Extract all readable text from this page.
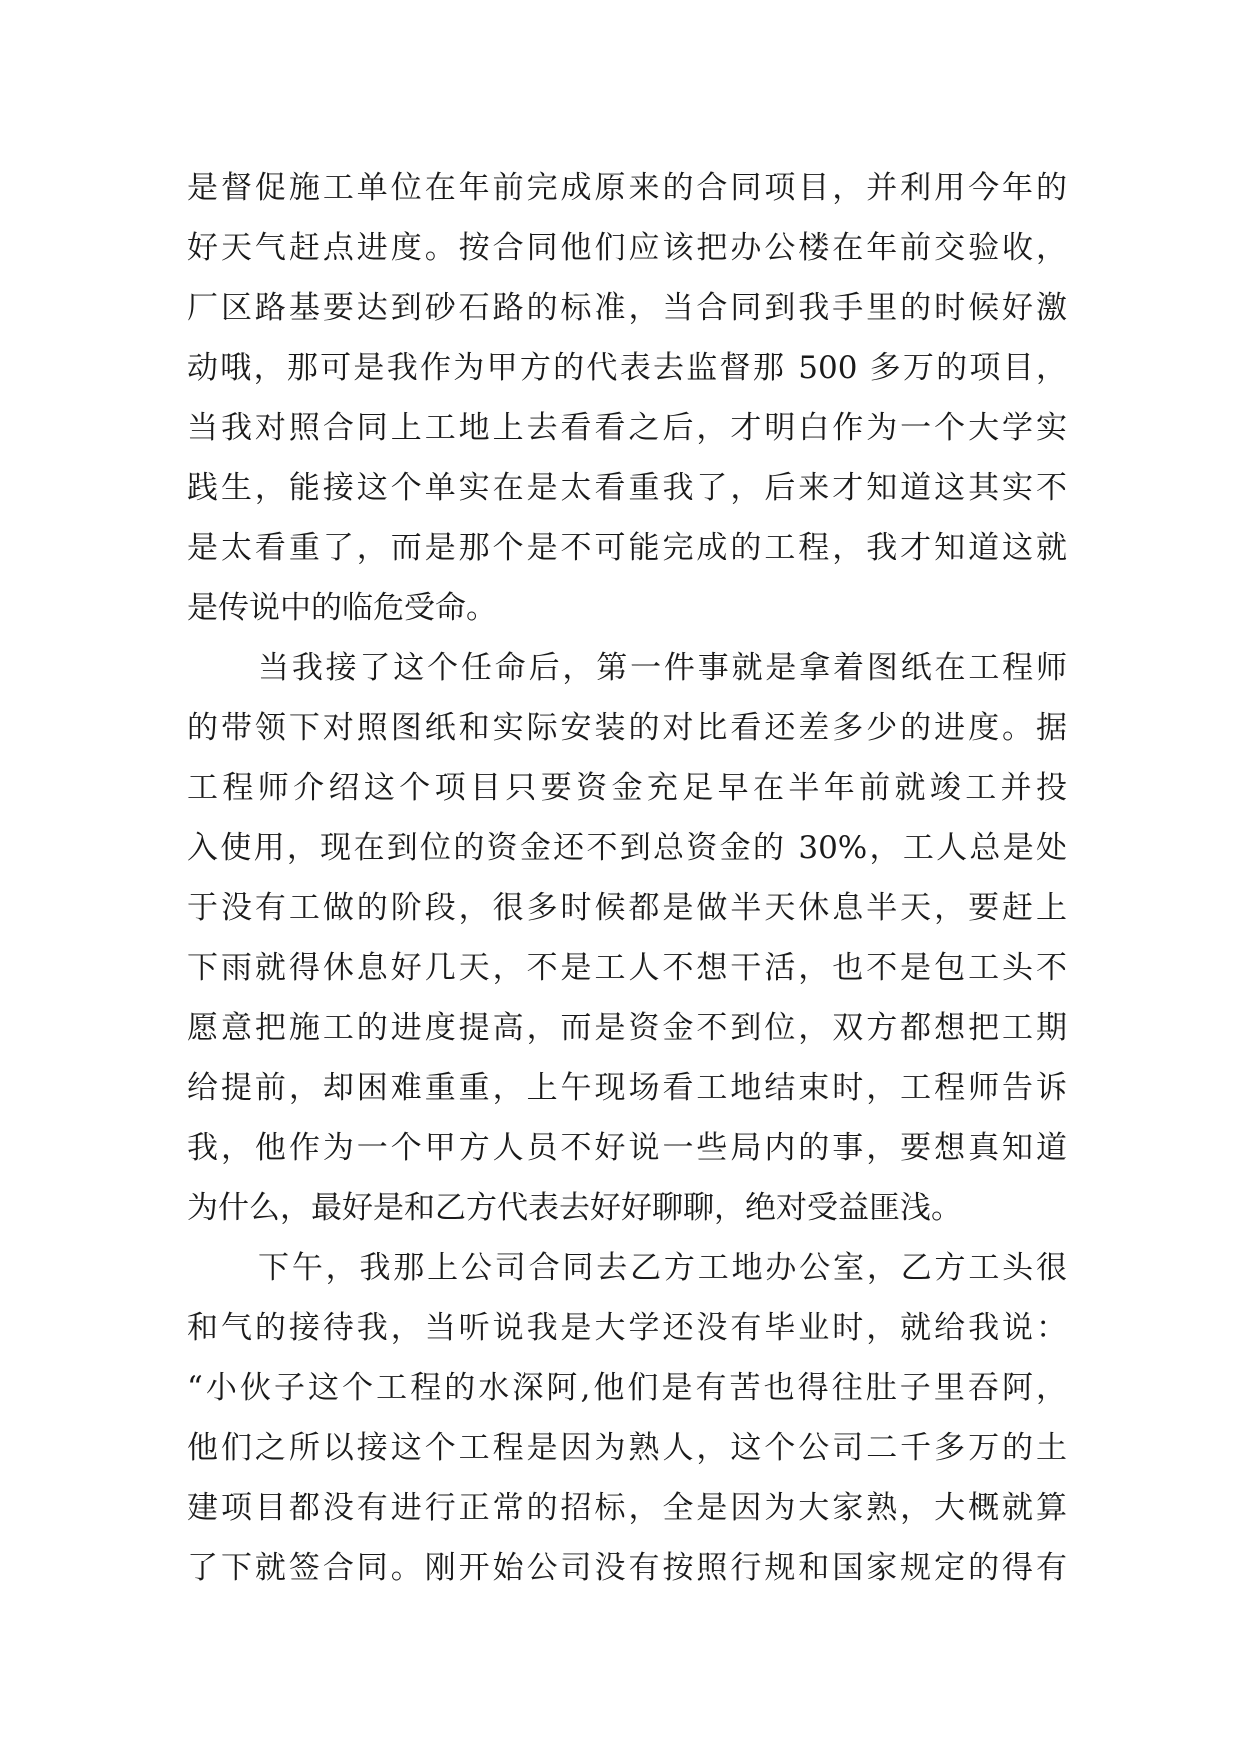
是督促施工单位在年前完成原来的合同项目，并利用今年的
好天气赶点进度。按合同他们应该把办公楼在年前交验收，
厂区路基要达到砂石路的标准，当合同到我手里的时候好激
动哦，那可是我作为甲方的代表去监督那 500 多万的项目，
当我对照合同上工地上去看看之后，才明白作为一个大学实
践生，能接这个单实在是太看重我了，后来才知道这其实不
是太看重了，而是那个是不可能完成的工程，我才知道这就
是传说中的临危受命。
当我接了这个任命后，第一件事就是拿着图纸在工程师
的带领下对照图纸和实际安装的对比看还差多少的进度。据
工程师介绍这个项目只要资金充足早在半年前就竣工并投
入使用，现在到位的资金还不到总资金的 30%，工人总是处
于没有工做的阶段，很多时候都是做半天休息半天，要赶上
下雨就得休息好几天，不是工人不想干活，也不是包工头不
愿意把施工的进度提高，而是资金不到位，双方都想把工期
给提前，却困难重重，上午现场看工地结束时，工程师告诉
我，他作为一个甲方人员不好说一些局内的事，要想真知道
为什么，最好是和乙方代表去好好聊聊，绝对受益匪浅。
下午，我那上公司合同去乙方工地办公室，乙方工头很
和气的接待我，当听说我是大学还没有毕业时，就给我说：
“小伙子这个工程的水深阿,他们是有苦也得往肚子里吞阿，
他们之所以接这个工程是因为熟人，这个公司二千多万的土
建项目都没有进行正常的招标，全是因为大家熟，大概就算
了下就签合同。刚开始公司没有按照行规和国家规定的得有
